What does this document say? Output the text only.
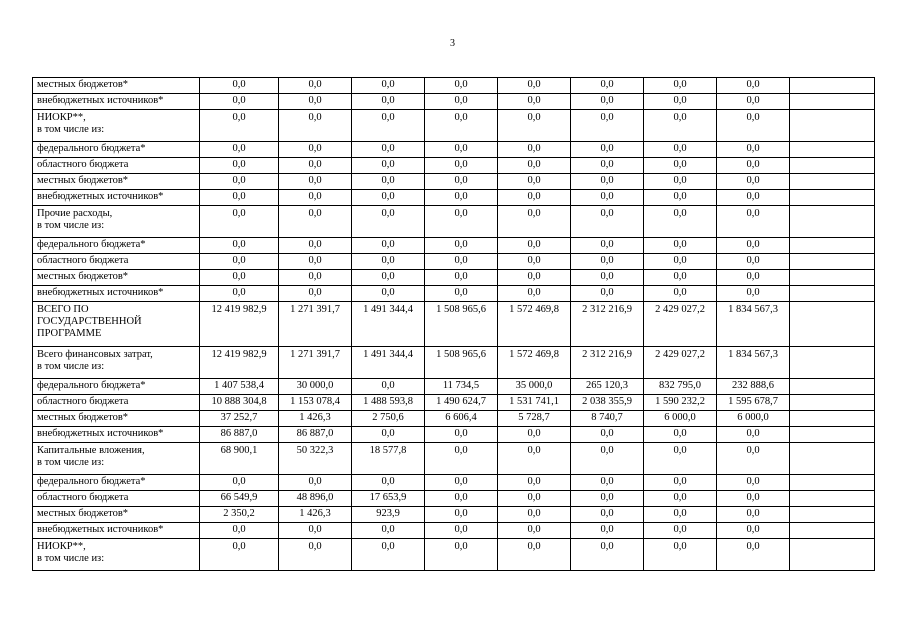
3
местных бюджетов*	0,0	0,0	0,0	0,0	0,0	0,0	0,0	0,0	

внебюджетных источников*	0,0	0,0	0,0	0,0	0,0	0,0	0,0	0,0	

НИОКР**,
в том числе из:	0,0	0,0	0,0	0,0	0,0	0,0	0,0	0,0	

федерального бюджета*	0,0	0,0	0,0	0,0	0,0	0,0	0,0	0,0	

областного бюджета	0,0	0,0	0,0	0,0	0,0	0,0	0,0	0,0	

местных бюджетов*	0,0	0,0	0,0	0,0	0,0	0,0	0,0	0,0	

внебюджетных источников*	0,0	0,0	0,0	0,0	0,0	0,0	0,0	0,0	

Прочие расходы,
в том числе из:	0,0	0,0	0,0	0,0	0,0	0,0	0,0	0,0	

федерального бюджета*	0,0	0,0	0,0	0,0	0,0	0,0	0,0	0,0	

областного бюджета	0,0	0,0	0,0	0,0	0,0	0,0	0,0	0,0	

местных бюджетов*	0,0	0,0	0,0	0,0	0,0	0,0	0,0	0,0	

внебюджетных источников*	0,0	0,0	0,0	0,0	0,0	0,0	0,0	0,0	

ВСЕГО ПО
ГОСУДАРСТВЕННОЙ
ПРОГРАММЕ	12 419 982,9	1 271 391,7	1 491 344,4	1 508 965,6	1 572 469,8	2 312 216,9	2 429 027,2	1 834 567,3	

Всего финансовых затрат,
в том числе из:	12 419 982,9	1 271 391,7	1 491 344,4	1 508 965,6	1 572 469,8	2 312 216,9	2 429 027,2	1 834 567,3	

федерального бюджета*	1 407 538,4	30 000,0	0,0	11 734,5	35 000,0	265 120,3	832 795,0	232 888,6	

областного бюджета	10 888 304,8	1 153 078,4	1 488 593,8	1 490 624,7	1 531 741,1	2 038 355,9	1 590 232,2	1 595 678,7	

местных бюджетов*	37 252,7	1 426,3	2 750,6	6 606,4	5 728,7	8 740,7	6 000,0	6 000,0	

внебюджетных источников*	86 887,0	86 887,0	0,0	0,0	0,0	0,0	0,0	0,0	

Капитальные вложения,
в том числе из:	68 900,1	50 322,3	18 577,8	0,0	0,0	0,0	0,0	0,0	

федерального бюджета*	0,0	0,0	0,0	0,0	0,0	0,0	0,0	0,0	

областного бюджета	66 549,9	48 896,0	17 653,9	0,0	0,0	0,0	0,0	0,0	

местных бюджетов*	2 350,2	1 426,3	923,9	0,0	0,0	0,0	0,0	0,0	

внебюджетных источников*	0,0	0,0	0,0	0,0	0,0	0,0	0,0	0,0	

НИОКР**,
в том числе из:	0,0	0,0	0,0	0,0	0,0	0,0	0,0	0,0	
